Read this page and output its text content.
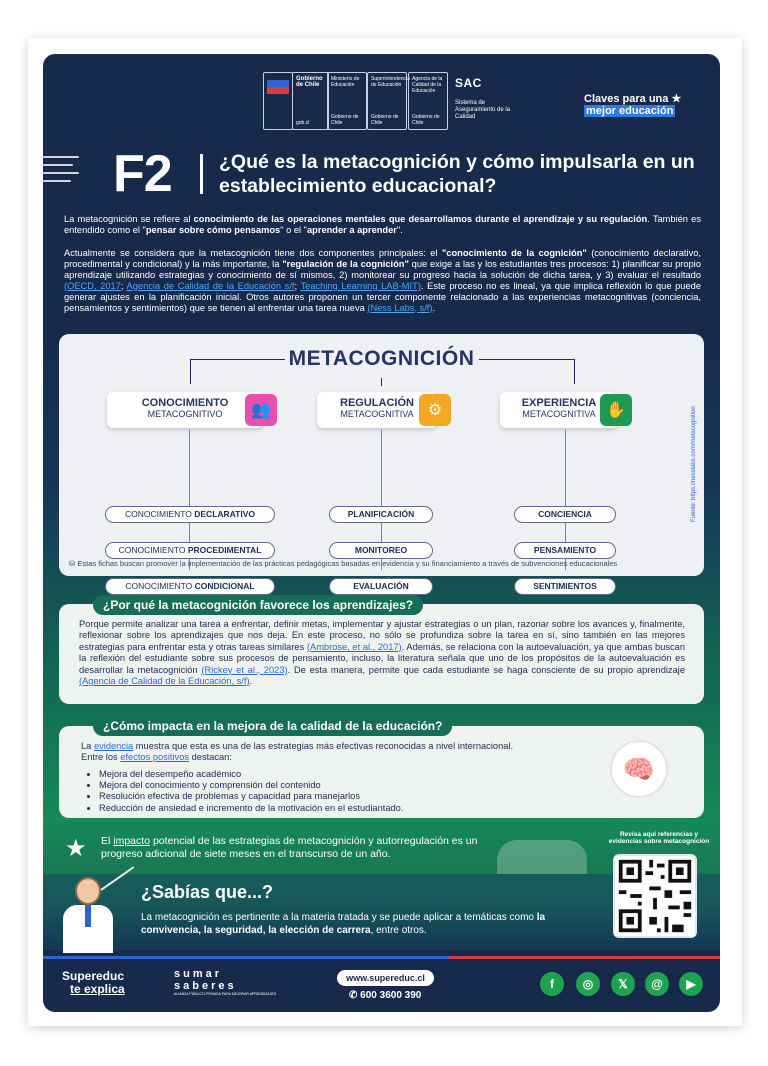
Gobierno de Chile
gob.cl
Ministerio de Educación
Gobierno de Chile
Superintendencia de Educación
Gobierno de Chile
Agencia de la Calidad de la Educación
Gobierno de Chile
SAC
Sistema de Aseguramiento de la Calidad
Claves para una ★
mejor educación
F2 ¿Qué es la metacognición y cómo impulsarla en un establecimiento educacional?
La metacognición se refiere al conocimiento de las operaciones mentales que desarrollamos durante el aprendizaje y su regulación. También es entendido como el "pensar sobre cómo pensamos" o el "aprender a aprender".
Actualmente se considera que la metacognición tiene dos componentes principales: el "conocimiento de la cognición" (conocimiento declarativo, procedimental y condicional) y la más importante, la "regulación de la cognición" que exige a las y los estudiantes tres procesos: 1) planificar su propio aprendizaje utilizando estrategias y conocimiento de sí mismos, 2) monitorear su progreso hacia la solución de dicha tarea, y 3) evaluar el resultado (OECD, 2017; Agencia de Calidad de la Educación s/f; Teaching Learning LAB-MIT). Este proceso no es lineal, ya que implica reflexión lo que puede generar ajustes en la planificación inicial. Otros autores proponen un tercer componente relacionado a las experiencias metacognitivas (conciencia, pensamientos y sentimientos) que se tienen al enfrentar una tarea nueva (Ness Labs, s/f).
METACOGNICIÓN
CONOCIMIENTO
METACOGNITIVO	👥
CONOCIMIENTO DECLARATIVO
CONOCIMIENTO PROCEDIMENTAL
CONOCIMIENTO CONDICIONAL
REGULACIÓN
METACOGNITIVA ⚙
PLANIFICACIÓN
MONITOREO
EVALUACIÓN
EXPERIENCIA
METACOGNITIVA ✋
CONCIENCIA
PENSAMIENTO
SENTIMIENTOS
Fuente: https://nesslabs.com/metacognition
⛁ Estas fichas buscan promover la implementación de las prácticas pedagógicas basadas en evidencia y su financiamiento a través de subvenciones educacionales
Porque permite analizar una tarea a enfrentar, definir metas, implementar y ajustar estrategias o un plan, razonar sobre los avances y, finalmente, reflexionar sobre los aprendizajes que nos deja. En este proceso, no sólo se profundiza sobre la tarea en sí, sino también en las mejores estrategias para enfrentar esta y otras tareas similares (Ambrose, et al., 2017). Además, se relaciona con la autoevaluación, ya que ambas buscan la reflexión del estudiante sobre sus procesos de pensamiento, incluso, la literatura señala que uno de los propósitos de la autoevaluación es desarrollar la metacognición (Rickey et al., 2023). De esta manera, permite que cada estudiante se haga consciente de su propio aprendizaje (Agencia de Calidad de la Educación, s/f).
¿Por qué la metacognición favorece los aprendizajes?
La evidencia muestra que esta es una de las estrategias más efectivas reconocidas a nivel internacional.
Entre los efectos positivos destacan:	🧠
¿Cómo impacta en la mejora de la calidad de la educación?
• Mejora del desempeño académico
• Mejora del conocimiento y comprensión del contenido
• Resolución efectiva de problemas y capacidad para manejarlos
• Reducción de ansiedad e incremento de la motivación en el estudiantado.
★ El impacto potencial de las estrategias de metacognición y autorregulación es un progreso adicional de siete meses en el transcurso de un año.
¿Sabías que...?
La metacognición es pertinente a la materia tratada y se puede aplicar a temáticas como la convivencia, la seguridad, la elección de carrera, entre otros.
Revisa aquí referencias y evidencias sobre metacognición
Supereduc
te explica
sumar
saberes
ALIANZA PÚBLICO-PRIVADA PARA MEJORAR APRENDIZAJES
www.supereduc.cl
✆ 600 3600 390
f	◎	𝕏	@	▶
